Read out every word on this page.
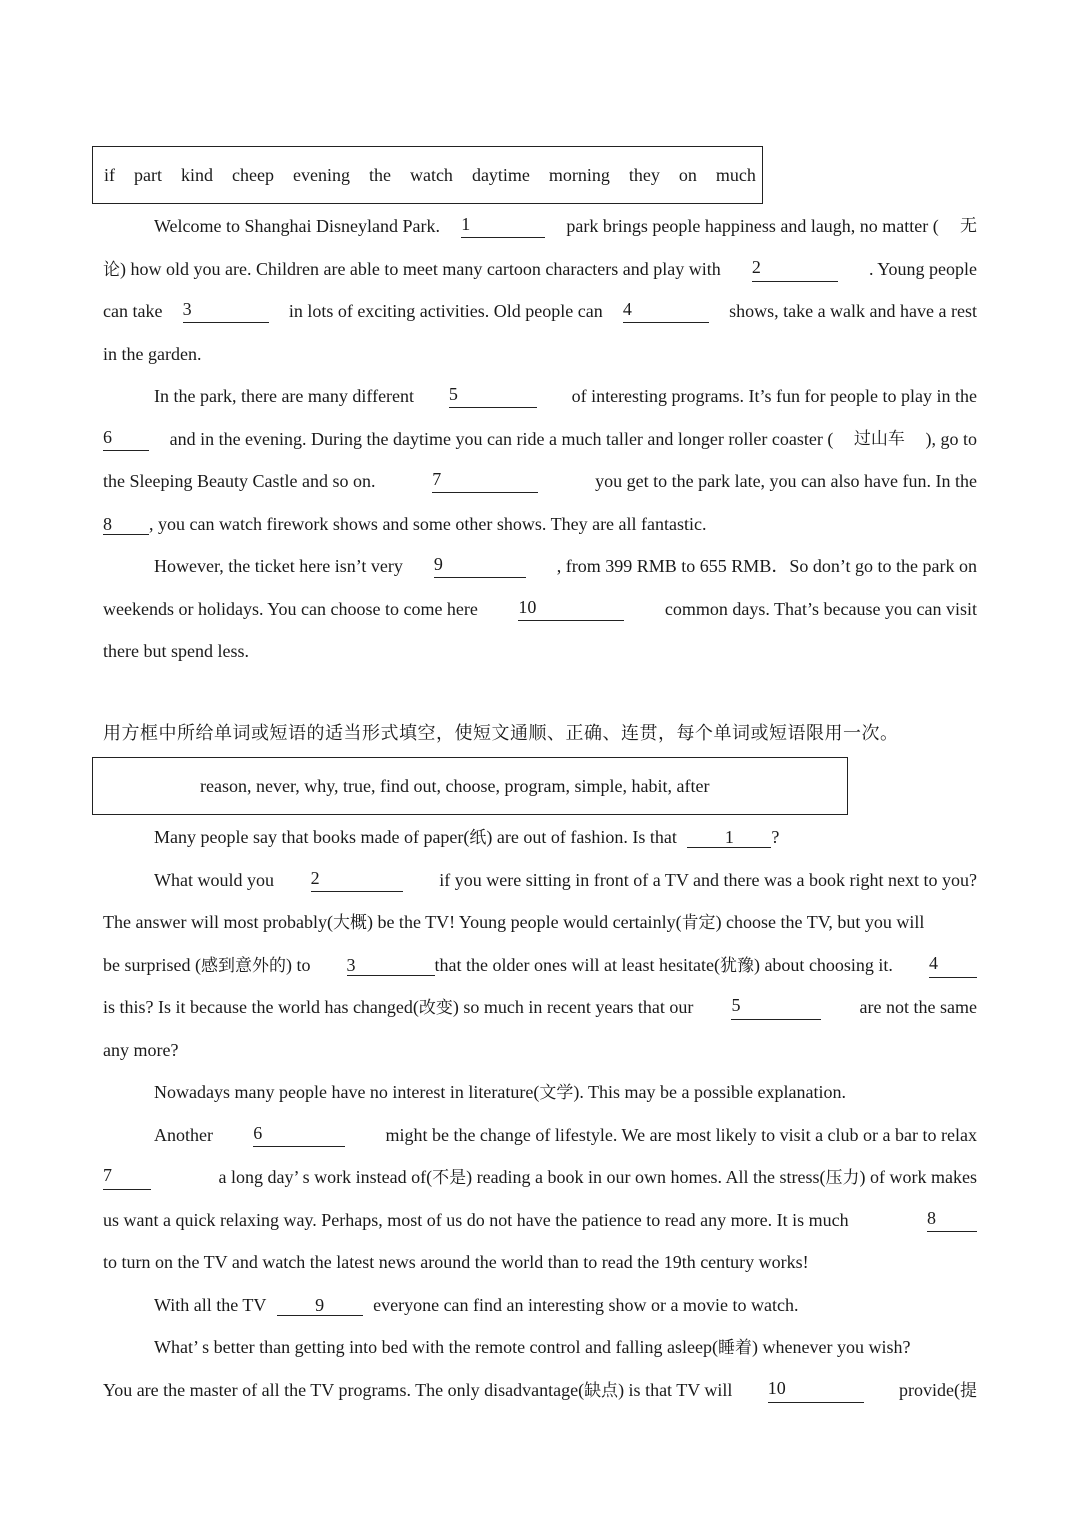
if part kind cheep evening the watch daytime morning they on much
Welcome to Shanghai Disneyland Park. 1	park brings people happiness and laugh, no matter ( 无
论) how old you are. Children are able to meet many cartoon characters and play with 2	. Young people
can take 3	in lots of exciting activities. Old people can 4	shows, take a walk and have a rest
in the garden.
In the park, there are many different 5	of interesting programs. It’s fun for people to play in the
6	and in the evening. During the daytime you can ride a much taller and longer roller coaster ( 过山车 ), go to
the Sleeping Beauty Castle and so on.	7	you get to the park late, you can also have fun. In the
8 , you can watch firework shows and some other shows. They are all fantastic.
However, the ticket here isn’t very 9	, from 399 RMB to 655 RMB．So don’t go to the park on
weekends or holidays. You can choose to come here 10	common days. That’s because you can visit
there but spend less.
用方框中所给单词或短语的适当形式填空，使短文通顺、正确、连贯，每个单词或短语限用一次。
reason, never, why, true, find out, choose, program, simple, habit, after
Many people say that books made of paper(纸) are out of fashion. Is that	1 ?
What would you 2	if you were sitting in front of a TV and there was a book right next to you?
The answer will most probably(大概) be the TV! Young people would certainly(肯定) choose the TV, but you will
be surprised (感到意外的) to 3	that the older ones will at least hesitate(犹豫) about choosing it. 4
is this? Is it because the world has changed(改变) so much in recent years that our 5	are not the same
any more?
Nowadays many people have no interest in literature(文学). This may be a possible explanation.
Another 6	might be the change of lifestyle. We are most likely to visit a club or a bar to relax
7	a long day’ s work instead of(不是) reading a book in our own homes. All the stress(压力) of work makes
us want a quick relaxing way. Perhaps, most of us do not have the patience to read any more. It is much	8
to turn on the TV and watch the latest news around the world than to read the 19th century works!
With all the TV	9	everyone can find an interesting show or a movie to watch.
What’ s better than getting into bed with the remote control and falling asleep(睡着) whenever you wish?
You are the master of all the TV programs. The only disadvantage(缺点) is that TV will 10	provide(提
